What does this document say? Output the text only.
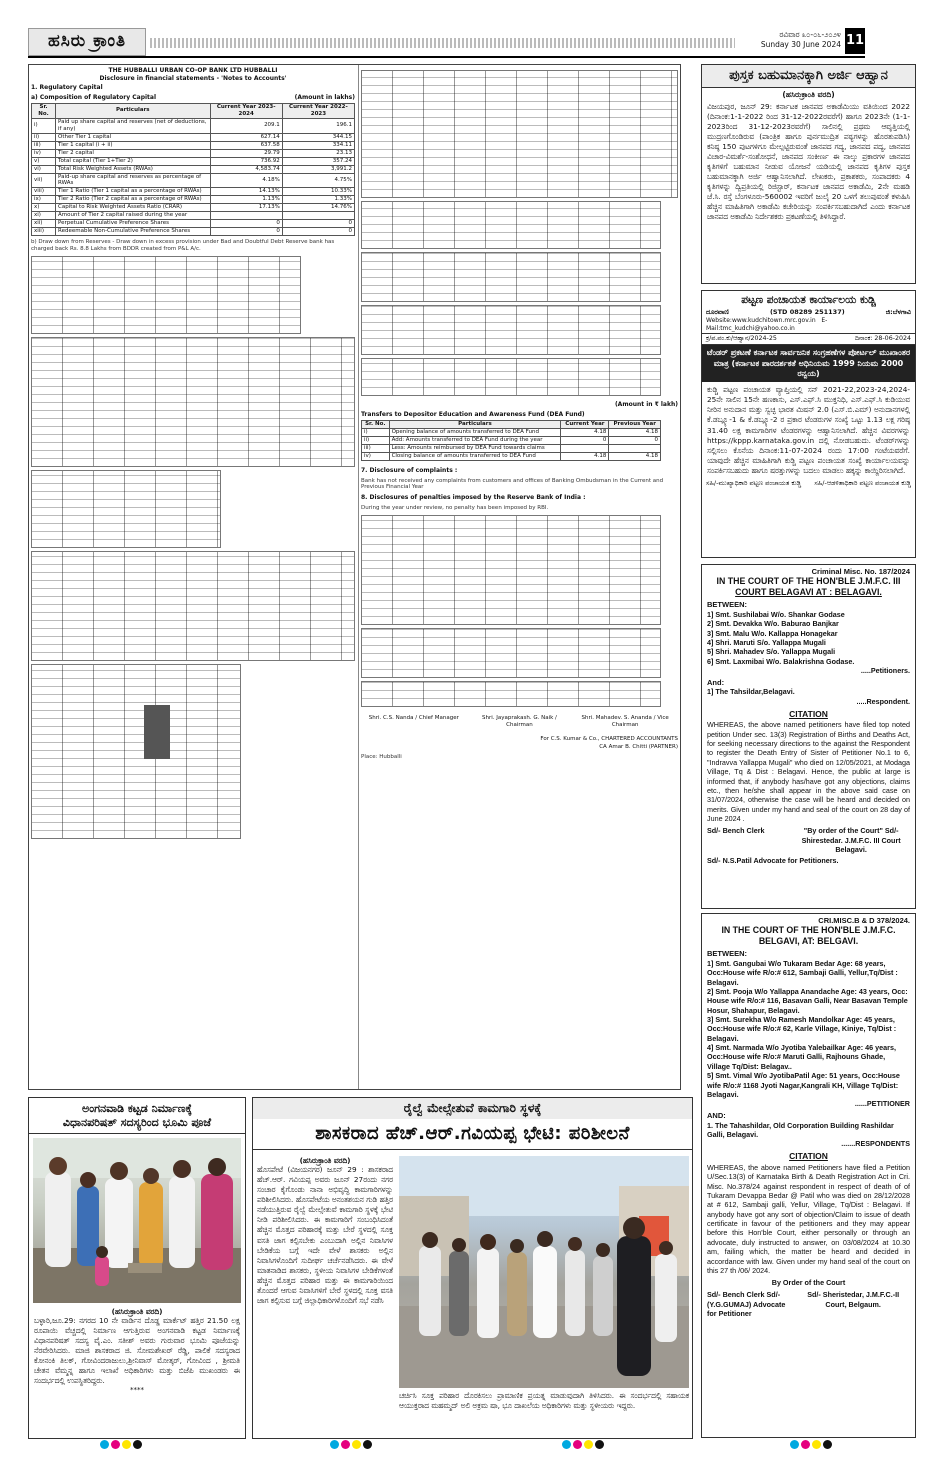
ಹಸಿರು ಕ್ರಾಂತಿ	ರವಿವಾರ ೩೦-೦೬-೨೦೨೪
Sunday 30 June 2024 11
THE HUBBALLI URBAN CO-OP BANK LTD HUBBALLI
Disclosure in financial statements - 'Notes to Accounts'
1. Regulatory Capital
a) Composition of Regulatory Capital	(Amount in lakhs)
Sr. No.	Particulars	Current Year 2023-2024	Current Year 2022-2023
i)	Paid up share capital and reserves (net of deductions, if any)	209.1	196.1
ii)	Other Tier 1 capital	627.14	344.15
iii)	Tier 1 capital (i + ii)	637.58	334.11
iv)	Tier 2 capital	29.79	23.13
v)	Total capital (Tier 1+Tier 2)	736.92	357.24
vi)	Total Risk Weighted Assets (RWAs)	4,583.74	3,991.2
vii)	Paid-up share capital and reserves as percentage of RWAs	4.18%	4.75%
viii)	Tier 1 Ratio (Tier 1 capital as a percentage of RWAs)	14.13%	10.33%
ix)	Tier 2 Ratio (Tier 2 capital as a percentage of RWAs)	1.13%	1.33%
x)	Capital to Risk Weighted Assets Ratio (CRAR)	17.13%	14.76%
xi)	Amount of Tier 2 capital raised during the year		
xii)	Perpetual Cumulative Preference Shares	0	0
xiii)	Redeemable Non-Cumulative Preference Shares	0	0
b) Draw down from Reserves - Draw down in excess provision under Bad and Doubtful Debt Reserve bank has charged back Rs. 8.8 Lakhs from BDDR created from P&L A/c.
(Amount in ₹ lakh)
Transfers to Depositor Education and Awareness Fund (DEA Fund)
Sr. No.	Particulars	Current Year	Previous Year
i)	Opening balance of amounts transferred to DEA Fund	4.18	4.18
ii)	Add: Amounts transferred to DEA Fund during the year	0	0
iii)	Less: Amounts reimbursed by DEA Fund towards claims		
iv)	Closing balance of amounts transferred to DEA Fund	4.18	4.18
7. Disclosure of complaints :
Bank has not received any complaints from customers and offices of Banking Ombudsman in the Current and Previous Financial Year
8. Disclosures of penalties imposed by the Reserve Bank of India :
During the year under review, no penalty has been imposed by RBI.
Shri. C.S. Nanda / Chief Manager	Shri. Jayaprakash. G. Naik / Chairman
Shri. Mahadev. S. Ananda / Vice Chairman
For C.S. Kumar & Co., CHARTERED ACCOUNTANTS
CA Amar B. Chitti (PARTNER)
Place: Hubballi
ಪುಸ್ತಕ ಬಹುಮಾನಕ್ಕಾಗಿ ಅರ್ಜಿ ಆಹ್ವಾನ
(ಹಸಿರುಕ್ರಾಂತಿ ವರದಿ)
ವಿಜಯಪುರ, ಜೂನ್ 29: ಕರ್ನಾಟಕ ಜಾನಪದ ಅಕಾಡೆಮಿಯು ವತಿಯಿಂದ 2022 (ದಿನಾಂಕ:1-1-2022 ರಿಂದ 31-12-2022ರವರೆಗೆ) ಹಾಗೂ 2023ನೇ (1-1-2023ರಿಂದ 31-12-2023ರವರೆಗೆ) ಸಾಲಿನಲ್ಲಿ ಪ್ರಥಮ ಆವೃತ್ತಿಯಲ್ಲಿ ಮುದ್ರಣಗೊಂಡಿರುವ (ಪಾಂತ್ರಿಕ ಹಾಗೂ ಪುರ್ನಮುದ್ರಿತ ಪಠ್ಯಗಳನ್ನು ಹೊರತುಪಡಿಸಿ) ಕನಿಷ್ಠ 150 ಪುಟಗಳಿಗೂ ಮೇಲ್ಪಟ್ಟಿರುವಂತೆ ಜಾನಪದ ಗದ್ಯ, ಜಾನಪದ ಪದ್ಯ, ಜಾನಪದ ವಿಚಾರ-ವಿಮರ್ಶೆ-ಸಂಶೋಧನೆ, ಜಾನಪದ ಸಂಕೀರ್ಣ ಈ ನಾಲ್ಕು ಪ್ರಕಾರಗಳ ಜಾನಪದ ಕೃತಿಗಳಿಗೆ ಬಹುಮಾನ ನೀಡುವ ಯೋಜನೆ ಯಡಿಯಲ್ಲಿ ಜಾನಪದ ಕೃತಿಗಳ ಪುಸ್ತಕ ಬಹುಮಾನಕ್ಕಾಗಿ ಅರ್ಜಿ ಆಹ್ವಾನಿಸಲಾಗಿದೆ. ಲೇಖಕರು, ಪ್ರಕಾಶಕರು, ಸಂಪಾದಕರು 4 ಕೃತಿಗಳನ್ನು ದ್ವಿಪ್ರತಿಯಲ್ಲಿ ರಿಜಿಸ್ಟಾರ್, ಕರ್ನಾಟಕ ಜಾನಪದ ಅಕಾಡೆಮಿ, 2ನೇ ಮಹಡಿ ಜೆ.ಸಿ. ರಸ್ತೆ ಬೆಂಗಳೂರು-560002 ಇವರಿಗೆ ಜುಲೈ 20 ಒಳಗೆ ತಲುಪುವಂತೆ ಕಳುಹಿಸಿ ಹೆಚ್ಚಿನ ಮಾಹಿತಿಗಾಗಿ ಅಕಾಡೆಮಿ ಕಚೇರಿಯನ್ನು ಸಂಪರ್ಕಿಸಬಹುದಾಗಿದೆ ಎಂದು ಕರ್ನಾಟಕ ಜಾನಪದ ಅಕಾಡೆಮಿ ನಿರ್ದೇಶಕರು ಪ್ರಕಟಣೆಯಲ್ಲಿ ತಿಳಿಸಿದ್ದಾರೆ.
ಪಟ್ಟಣ ಪಂಚಾಯತ ಕಾರ್ಯಾಲಯ ಕುಡ್ಚಿ
ದೂರವಾಣಿ	(STD 08289 251137)	ಜಿ:ಬೆಳಗಾವಿ
Website:www.kudchitown.mrc.gov.in E-Mail:tmc_kudchi@yahoo.co.in
ಕ್ರ/ಪ.ಪಂ.ಕು/ಆಹ್ವಾನ/2024-25	ದಿನಾಂಕ: 28-06-2024
ಟೆಂಡರ್ ಪ್ರಕಟಣೆ ಕರ್ನಾಟಕ ಸಾರ್ವಜನಿಕ ಸಂಗ್ರಹಣೆಗಳ ಪೋರ್ಟಲ್ ಮುಖಾಂತರ ಮಾತ್ರ (ಕರ್ನಾಟಕ ಪಾರದರ್ಶಕತೆ ಅಧಿನಿಯಮ 1999 ನಿಯಮ 2000 ರನ್ವಯ)
ಕುಡ್ಚಿ ಪಟ್ಟಣ ಪಂಚಾಯತ ವ್ಯಾಪ್ತಿಯಲ್ಲಿ ಸನ್ 2021-22,2023-24,2024-25ನೇ ಸಾಲಿನ 15ನೇ ಹಣಕಾಸು, ಎಸ್.ಎಫ್.ಸಿ ಮುಕ್ತನಿಧಿ, ಎಸ್.ಎಫ್.ಸಿ ಕುಡಿಯುವ ನೀರಿನ ಅನುದಾನ ಮತ್ತು ಸ್ವಚ್ಛ ಭಾರತ ಮಿಷನ್ 2.0 (ಎಸ್.ಬಿ.ಎಮ್) ಅನುದಾನಗಳಲ್ಲಿ ಕೆ.ಡಬ್ಲ್ಯೂ-1 & ಕೆ.ಡಬ್ಲ್ಯೂ-2 ರ ಪ್ರಕಾರ ಟೆಂಡರುಗಳ ಸಂಖ್ಯೆ ಒಟ್ಟು 1.13 ಲಕ್ಷ ಗರಿಷ್ಠ 31.40 ಲಕ್ಷ ಕಾಮಗಾರಿಗಳ ಟೆಂಡರಗಳನ್ನು ಆಹ್ವಾನಿಸಲಾಗಿದೆ. ಹೆಚ್ಚಿನ ವಿವರಗಳನ್ನು https://kppp.karnataka.gov.in ದಲ್ಲಿ ನೋಡಬಹುದು. ಟೆಂಡರ್‌ಗಳನ್ನು ಸಲ್ಲಿಸಲು ಕೊನೆಯ ದಿನಾಂಕ:11-07-2024 ರಂದು 17:00 ಗಂಟೆಯವರೆಗೆ. ಯಾವುದೇ ಹೆಚ್ಚಿನ ಮಾಹಿತಿಗಾಗಿ ಕುಡ್ಚಿ ಪಟ್ಟಣ ಪಂಚಾಯತ ಸಂಖ್ಯೆ ಕಾರ್ಯಾಲಯವನ್ನು ಸಂಪರ್ಕಿಸಬಹುದು ಹಾಗೂ ಷರತ್ತುಗಳನ್ನು ಬದಲು ಮಾಡಲು ಹಕ್ಕನ್ನು ಕಾಯ್ದಿರಿಸಲಾಗಿದೆ.
ಸಹಿ/-ಮುಖ್ಯಾಧಿಕಾರಿ ಪಟ್ಟಣ ಪಂಚಾಯತ ಕುಡ್ಚಿ	ಸಹಿ/-ಆಡಳಿತಾಧಿಕಾರಿ ಪಟ್ಟಣ ಪಂಚಾಯತ ಕುಡ್ಚಿ
Criminal Misc. No. 187/2024
IN THE COURT OF THE HON'BLE J.M.F.C. III
COURT BELAGAVI AT : BELAGAVI.
BETWEEN:
1] Smt. Sushilabai W/o. Shankar Godase
2] Smt. Devakka W/o. Baburao Banjkar
3] Smt. Malu W/o. Kallappa Honagekar
4] Shri. Maruti S/o. Yallappa Mugali
5] Shri. Mahadev S/o. Yallappa Mugali
6] Smt. Laxmibai W/o. Balakrishna Godase.
.....Petitioners.
And:
1] The Tahsildar,Belagavi.
.....Respondent.
CITATION
WHEREAS, the above named petitioners have filed top noted petition Under sec. 13(3) Registration of Births and Deaths Act, for seeking necessary directions to the against the Respondent to register the Death Entry of Sister of Petitioner No.1 to 6, "Indravva Yallappa Mugali" who died on 12/05/2021, at Modaga Village, Tq & Dist : Belagavi. Hence, the public at large is informed that, if anybody has/have got any objections, claims etc., then he/she shall appear in the above said case on 31/07/2024, otherwise the case will be heard and decided on merits. Given under my hand and seal of the court on 28 day of June 2024 .
Sd/- Bench Clerk	"By order of the Court" Sd/- Shirestedar. J.M.F.C. III Court Belagavi.
Sd/- N.S.Patil Advocate for Petitioners.
CRI.MISC.B & D 378/2024.
IN THE COURT OF THE HON'BLE J.M.F.C.
BELGAVI, AT: BELGAVI.
BETWEEN:
1] Smt. Gangubai W/o Tukaram Bedar Age: 68 years, Occ:House wife R/o:# 612, Sambaji Galli, Yellur,Tq/Dist : Belagavi.
2] Smt. Pooja W/o Yallappa Anandache Age: 43 years, Occ: House wife R/o:# 116, Basavan Galli, Near Basavan Temple Hosur, Shahapur, Belagavi.
3] Smt. Surekha W/o Ramesh Mandolkar Age: 45 years, Occ:House wife R/o:# 62, Karle Village, Kiniye, Tq/Dist : Belagavi.
4] Smt. Narmada W/o Jyotiba Yalebailkar Age: 46 years, Occ:House wife R/o:# Maruti Galli, Rajhouns Ghade, Village Tq/Dist: Belagav..
5] Smt. Vimal W/o JyotibaPatil Age: 51 years, Occ:House wife R/o:# 1168 Jyoti Nagar,Kangrali KH, Village Tq/Dist: Belagavi.
......PETITIONER
AND:
1. The Tahashildar, Old Corporation Building Rashildar Galli, Belagavi.
.......RESPONDENTS
CITATION
WHEREAS, the above named Petitioners have filed a Petition U/Sec.13(3) of Karnataka Birth & Death Registration Act in Cri. Misc. No.378/24 against respondent in respect of death of of Tukaram Devappa Bedar @ Patil who was died on 28/12/2028 at # 612, Sambaji galli, Yellur, Village, Tq/Dist : Belagavi. If anybody have got any sort of objection/Claim to issue of death certificate in favour of the petitioners and they may appear before this Hon'ble Court, either personally or through an advocate, duly instructed to answer, on 03/08/2024 at 10.30 am, failing which, the matter be heard and decided in accordance with law. Given under my hand seal of the court on this 27 th /06/ 2024.
By Order of the Court
Sd/- Bench Clerk Sd/- (Y.G.GUMAJ) Advocate for Petitioner
Sd/- Sheristedar, J.M.F.C.-II Court, Belgaum.
ಅಂಗನವಾಡಿ ಕಟ್ಟಡ ನಿರ್ಮಾಣಕ್ಕೆ
ವಿಧಾನಪರಿಷತ್ ಸದಸ್ಯರಿಂದ ಭೂಮಿ ಪೂಜೆ
(ಹಸಿರುಕ್ರಾಂತಿ ವರದಿ)
ಬಳ್ಳಾರಿ,ಜೂ.29: ನಗರದ 10 ನೇ ವಾರ್ಡಿನ ದೊಡ್ಡ ಮಾರ್ಕೆಟ್ ಹತ್ತಿರ 21.50 ಲಕ್ಷ ರೂಪಾಯಿ ವೆಚ್ಚದಲ್ಲಿ ನಿರ್ಮಾಣ ಆಗುತ್ತಿರುವ ಅಂಗನವಾಡಿ ಕಟ್ಟಡ ನಿರ್ಮಾಣಕ್ಕೆ ವಿಧಾನಪರಿಷತ್ ಸದಸ್ಯ ವೈ.ಎಂ. ಸತೀಶ್ ಅವರು ಗುರುವಾರ ಭೂಮಿ ಪೂಜೆಯನ್ನು ನೆರವೇರಿಸಿದರು. ಮಾಜಿ ಶಾಸಕರಾದ ಜಿ. ಸೋಮಶೇಖರ್ ರೆಡ್ಡಿ, ಪಾಲಿಕೆ ಸದಸ್ಯರಾದ ಕೋನಂಕಿ ತಿಲಕ್, ಗೋವಿಂದರಾಜುಲು,ಶ್ರೀನಿವಾಸ್ ಮೋತ್ಕರ್, ಗೋವಿಂದ , ಶ್ರೀಮತಿ ಚೇತನ ವೆಮ್ಮನ್ನ ಹಾಗೂ ಇಲಾಖೆ ಅಧಿಕಾರಿಗಳು ಮತ್ತು ಬಿಜೆಪಿ ಮುಖಂಡರು ಈ ಸಂದರ್ಭದಲ್ಲಿ ಉಪಸ್ಥಿತರಿದ್ದರು.
****
ರೈಲ್ವೆ ಮೇಲ್ಸೇತುವೆ ಕಾಮಗಾರಿ ಸ್ಥಳಕ್ಕೆ
ಶಾಸಕರಾದ ಹೆಚ್.ಆರ್.ಗವಿಯಪ್ಪ ಭೇಟಿ: ಪರಿಶೀಲನೆ
(ಹಸಿರುಕ್ರಾಂತಿ ವರದಿ)
ಹೊಸಪೇಟೆ (ವಿಜಯನಗರ) ಜೂನ್ 29 : ಶಾಸಕರಾದ ಹೆಚ್.ಆರ್. ಗವಿಯಪ್ಪ ಅವರು ಜೂನ್ 27ರಂದು ನಗರ ಸಂಚಾರ ಕೈಗೊಂಡು ನಾನಾ ಅಭಿವೃದ್ಧಿ ಕಾಮಗಾರಿಗಳನ್ನು ಪರಿಶೀಲಿಸಿದರು. ಹೊಸಪೇಟೆಯ ಅನಂತಶಯನ ಗುಡಿ ಹತ್ತಿರ ನಡೆಯುತ್ತಿರುವ ರೈಲ್ವೆ ಮೇಲ್ಸೇತುವೆ ಕಾಮಗಾರಿ ಸ್ಥಳಕ್ಕೆ ಭೇಟಿ ನೀಡಿ ಪರಿಶೀಲಿಸಿದರು. ಈ ಕಾಮಗಾರಿಗೆ ಸಂಬಂಧಿಸಿದಂತೆ ಹೆಚ್ಚಿನ ಮೊತ್ತದ ಪರಿಹಾರಕ್ಕೆ ಮತ್ತು ಬೇರೆ ಸ್ಥಳದಲ್ಲಿ ಸೂಕ್ತ ವಸತಿ ಜಾಗ ಕಲ್ಪಿಸಬೇಕು ಎಂಬುದಾಗಿ ಅಲ್ಲಿನ ನಿವಾಸಿಗಳ ಬೇಡಿಕೆಯ ಬಗ್ಗೆ ಇದೇ ವೇಳೆ ಶಾಸಕರು ಅಲ್ಲಿನ ನಿವಾಸಿಗಳೊಂದಿಗೆ ಸುದೀರ್ಘ ಚರ್ಚೆನಡೆಸಿದರು. ಈ ವೇಳೆ ಮಾತನಾಡಿದ ಶಾಸಕರು, ಸ್ಥಳೀಯ ನಿವಾಸಿಗಳ ಬೇಡಿಕೆಗಳಂತೆ ಹೆಚ್ಚಿನ ಮೊತ್ತದ ಪರಿಹಾರ ಮತ್ತು ಈ ಕಾಮಗಾರಿಯಿಂದ ತೊಂದರೆ ಆಗುವ ನಿವಾಸಿಗಳಿಗೆ ಬೇರೆ ಸ್ಥಳದಲ್ಲಿ ಸೂಕ್ತ ವಸತಿ ಜಾಗ ಕಲ್ಪಿಸುವ ಬಗ್ಗೆ ಜಿಲ್ಲಾಧಿಕಾರಿಗಳೊಂದಿಗೆ ಸಭೆ ನಡೆಸಿ
ಚರ್ಚಿಸಿ ಸೂಕ್ತ ಪರಿಹಾರ ದೊರಕಿಸಲು ಪ್ರಾಮಾಣಿಕ ಪ್ರಯತ್ನ ಮಾಡುವುದಾಗಿ ತಿಳಿಸಿದರು. ಈ ಸಂದರ್ಭದಲ್ಲಿ ಸಹಾಯಕ ಆಯುಕ್ತರಾದ ಮಹಮ್ಮದ್ ಅಲಿ ಅಕ್ರಮ ಷಾ, ಭೂ ದಾಖಲೆಯ ಅಧಿಕಾರಿಗಳು ಮತ್ತು ಸ್ಥಳೀಯರು ಇದ್ದರು.
